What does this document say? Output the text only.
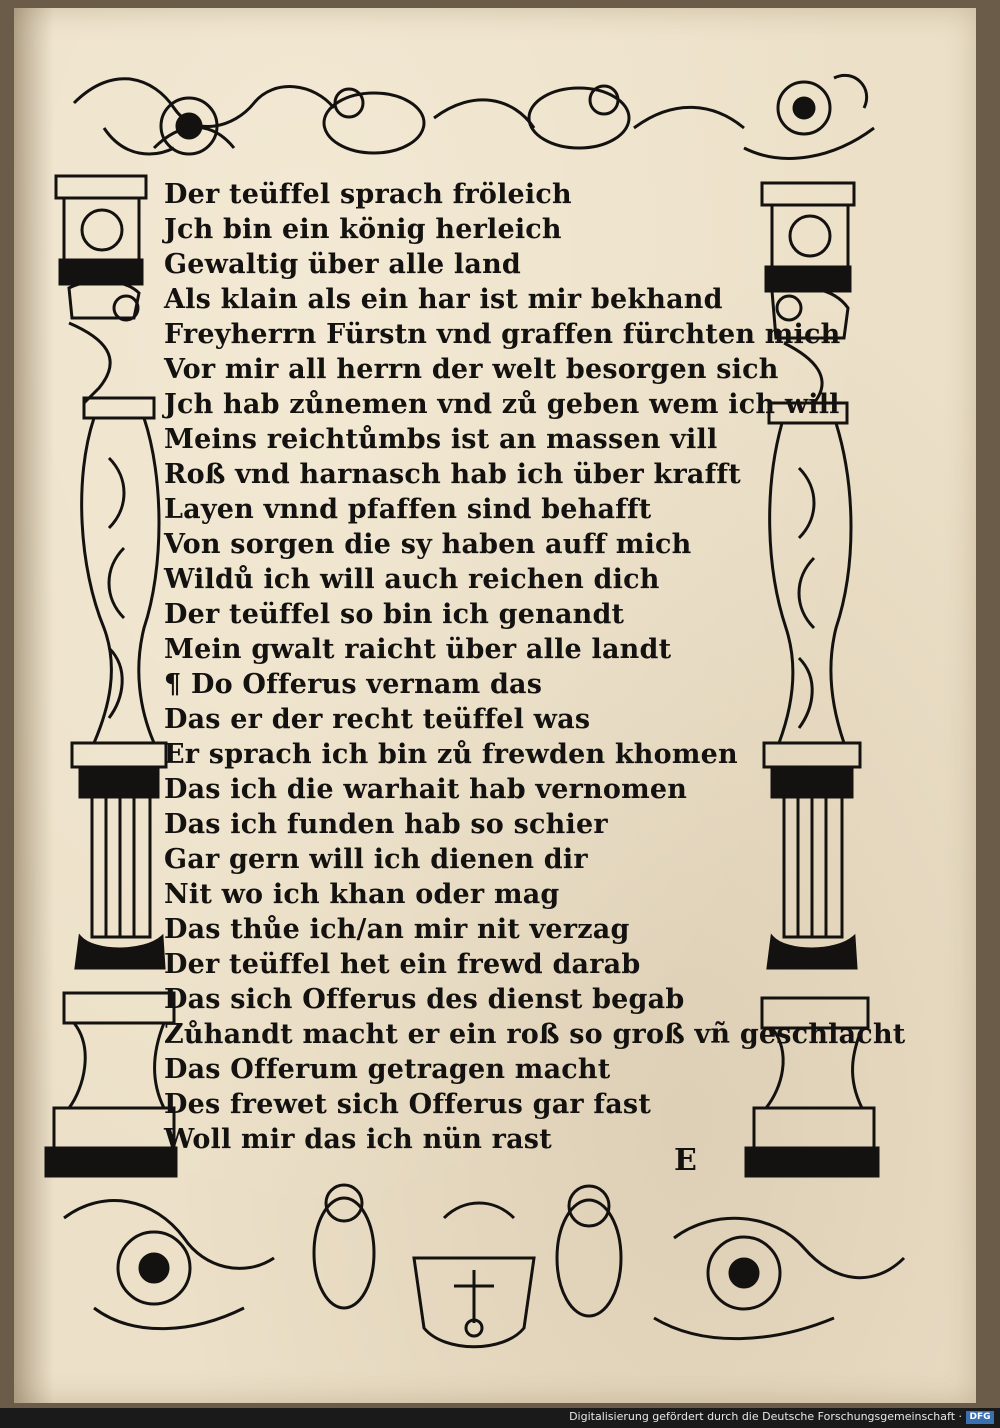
Der teüffel sprach fröleich
Jch bin ein könig herleich
Gewaltig über alle land
Als klain als ein har ist mir bekhand
Freyherrn Fürstn vnd graffen fürchten mich
Vor mir all herrn der welt besorgen sich
Jch hab zůnemen vnd zů geben wem ich will
Meins reichtůmbs ist an massen vill
Roß vnd harnasch hab ich über krafft
Layen vnnd pfaffen sind behafft
Von sorgen die sy haben auff mich
Wildů ich will auch reichen dich
Der teüffel so bin ich genandt
Mein gwalt raicht über alle landt
¶ Do Offerus vernam das
Das er der recht teüffel was
Er sprach ich bin zů frewden khomen
Das ich die warhait hab vernomen
Das ich funden hab so schier
Gar gern will ich dienen dir
Nit wo ich khan oder mag
Das thůe ich/an mir nit verzag
Der teüffel het ein frewd darab
Das sich Offerus des dienst begab
Zůhandt macht er ein roß so groß vñ geschlacht
Das Offerum getragen macht
Des frewet sich Offerus gar fast
Woll mir das ich nün rast
E
Digitalisierung gefördert durch die Deutsche Forschungsgemeinschaft · DFG
